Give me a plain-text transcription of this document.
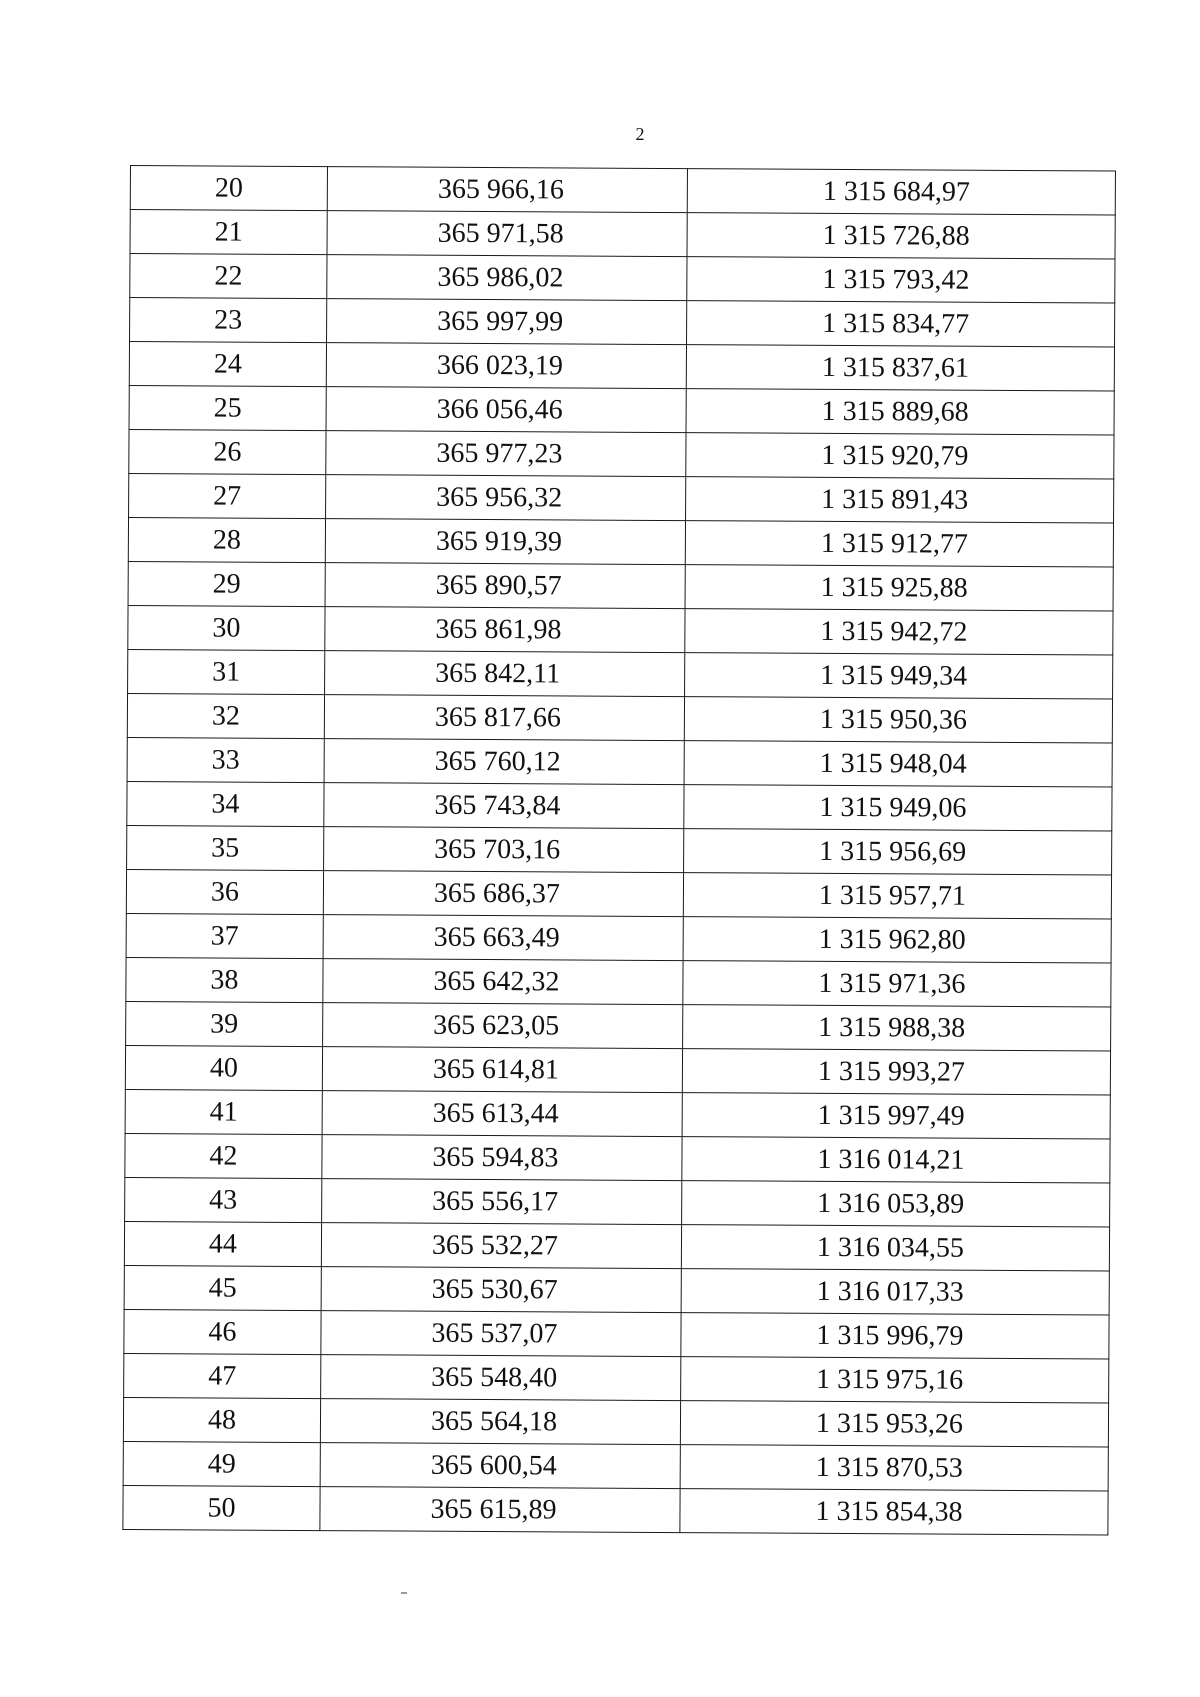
2
20	365 966,16	1 315 684,97
21	365 971,58	1 315 726,88
22	365 986,02	1 315 793,42
23	365 997,99	1 315 834,77
24	366 023,19	1 315 837,61
25	366 056,46	1 315 889,68
26	365 977,23	1 315 920,79
27	365 956,32	1 315 891,43
28	365 919,39	1 315 912,77
29	365 890,57	1 315 925,88
30	365 861,98	1 315 942,72
31	365 842,11	1 315 949,34
32	365 817,66	1 315 950,36
33	365 760,12	1 315 948,04
34	365 743,84	1 315 949,06
35	365 703,16	1 315 956,69
36	365 686,37	1 315 957,71
37	365 663,49	1 315 962,80
38	365 642,32	1 315 971,36
39	365 623,05	1 315 988,38
40	365 614,81	1 315 993,27
41	365 613,44	1 315 997,49
42	365 594,83	1 316 014,21
43	365 556,17	1 316 053,89
44	365 532,27	1 316 034,55
45	365 530,67	1 316 017,33
46	365 537,07	1 315 996,79
47	365 548,40	1 315 975,16
48	365 564,18	1 315 953,26
49	365 600,54	1 315 870,53
50	365 615,89	1 315 854,38
